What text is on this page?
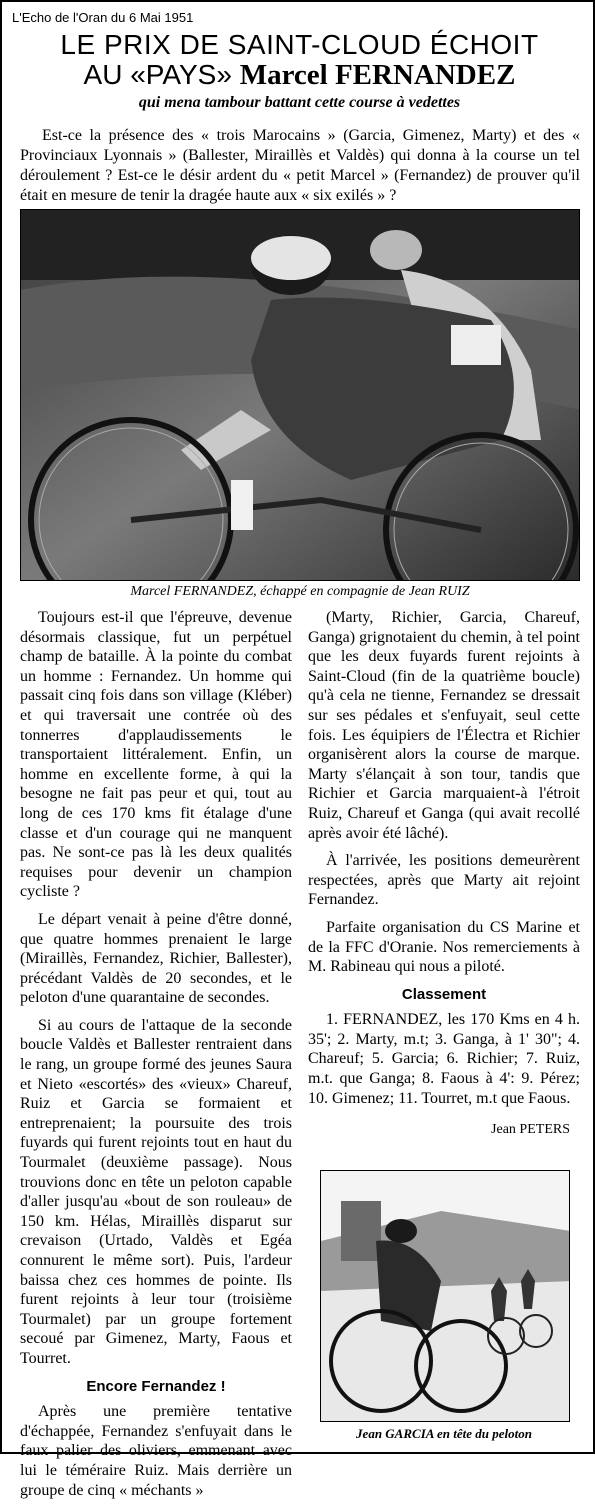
L'Echo de l'Oran du 6 Mai 1951
LE PRIX DE SAINT-CLOUD ÉCHOIT
AU «PAYS» Marcel FERNANDEZ
qui mena tambour battant cette course à vedettes
Est-ce la présence des « trois Marocains » (Garcia, Gimenez, Marty) et des « Provinciaux Lyonnais » (Ballester, Miraillès et Valdès) qui donna à la course un tel déroulement ? Est-ce le désir ardent du « petit Marcel » (Fernandez) de prouver qu'il était en mesure de tenir la dragée haute aux « six exilés » ?
Marcel FERNANDEZ, échappé en compagnie de Jean RUIZ

Toujours est-il que l'épreuve, devenue désormais classique, fut un perpétuel champ de bataille. À la pointe du combat un homme : Fernandez. Un homme qui passait cinq fois dans son village (Kléber) et qui traversait une contrée où des tonnerres d'applaudissements le transportaient littéralement. Enfin, un homme en excellente forme, à qui la besogne ne fait pas peur et qui, tout au long de ces 170 kms fit étalage d'une classe et d'un courage qui ne manquent pas. Ne sont-ce pas là les deux qualités requises pour devenir un champion cycliste ?

Le départ venait à peine d'être donné, que quatre hommes prenaient le large (Miraillès, Fernandez, Richier, Ballester), précédant Valdès de 20 secondes, et le peloton d'une quarantaine de secondes.

Si au cours de l'attaque de la seconde boucle Valdès et Ballester rentraient dans le rang, un groupe formé des jeunes Saura et Nieto «escortés» des «vieux» Chareuf, Ruiz et Garcia se formaient et entreprenaient; la poursuite des trois fuyards qui furent rejoints tout en haut du Tourmalet (deuxième passage). Nous trouvions donc en tête un peloton capable d'aller jusqu'au «bout de son rouleau» de 150 km. Hélas, Miraillès disparut sur crevaison (Urtado, Valdès et Egéa connurent le même sort). Puis, l'ardeur baissa chez ces hommes de pointe. Ils furent rejoints à leur tour (troisième Tourmalet) par un groupe fortement secoué par Gimenez, Marty, Faous et Tourret.

Encore Fernandez !

Après une première tentative d'échappée, Fernandez s'enfuyait dans le faux palier des oliviers, emmenant avec lui le téméraire Ruiz. Mais derrière un groupe de cinq « méchants »

(Marty, Richier, Garcia, Chareuf, Ganga) grignotaient du chemin, à tel point que les deux fuyards furent rejoints à Saint-Cloud (fin de la quatrième boucle) qu'à cela ne tienne, Fernandez se dressait sur ses pédales et s'enfuyait, seul cette fois. Les équipiers de l'Électra et Richier organisèrent alors la course de marque. Marty s'élançait à son tour, tandis que Richier et Garcia marquaient-à l'étroit Ruiz, Chareuf et Ganga (qui avait recollé après avoir été lâché).

À l'arrivée, les positions demeurèrent respectées, après que Marty ait rejoint Fernandez.

Parfaite organisation du CS Marine et de la FFC d'Oranie. Nos remerciements à M. Rabineau qui nous a piloté.

Classement

1. FERNANDEZ, les 170 Kms en 4 h. 35'; 2. Marty, m.t; 3. Ganga, à 1' 30"; 4. Chareuf; 5. Garcia; 6. Richier; 7. Ruiz, m.t. que Ganga; 8. Faous à 4': 9. Pérez; 10. Gimenez; 11. Tourret, m.t que Faous.

Jean PETERS
Jean GARCIA en tête du peloton
